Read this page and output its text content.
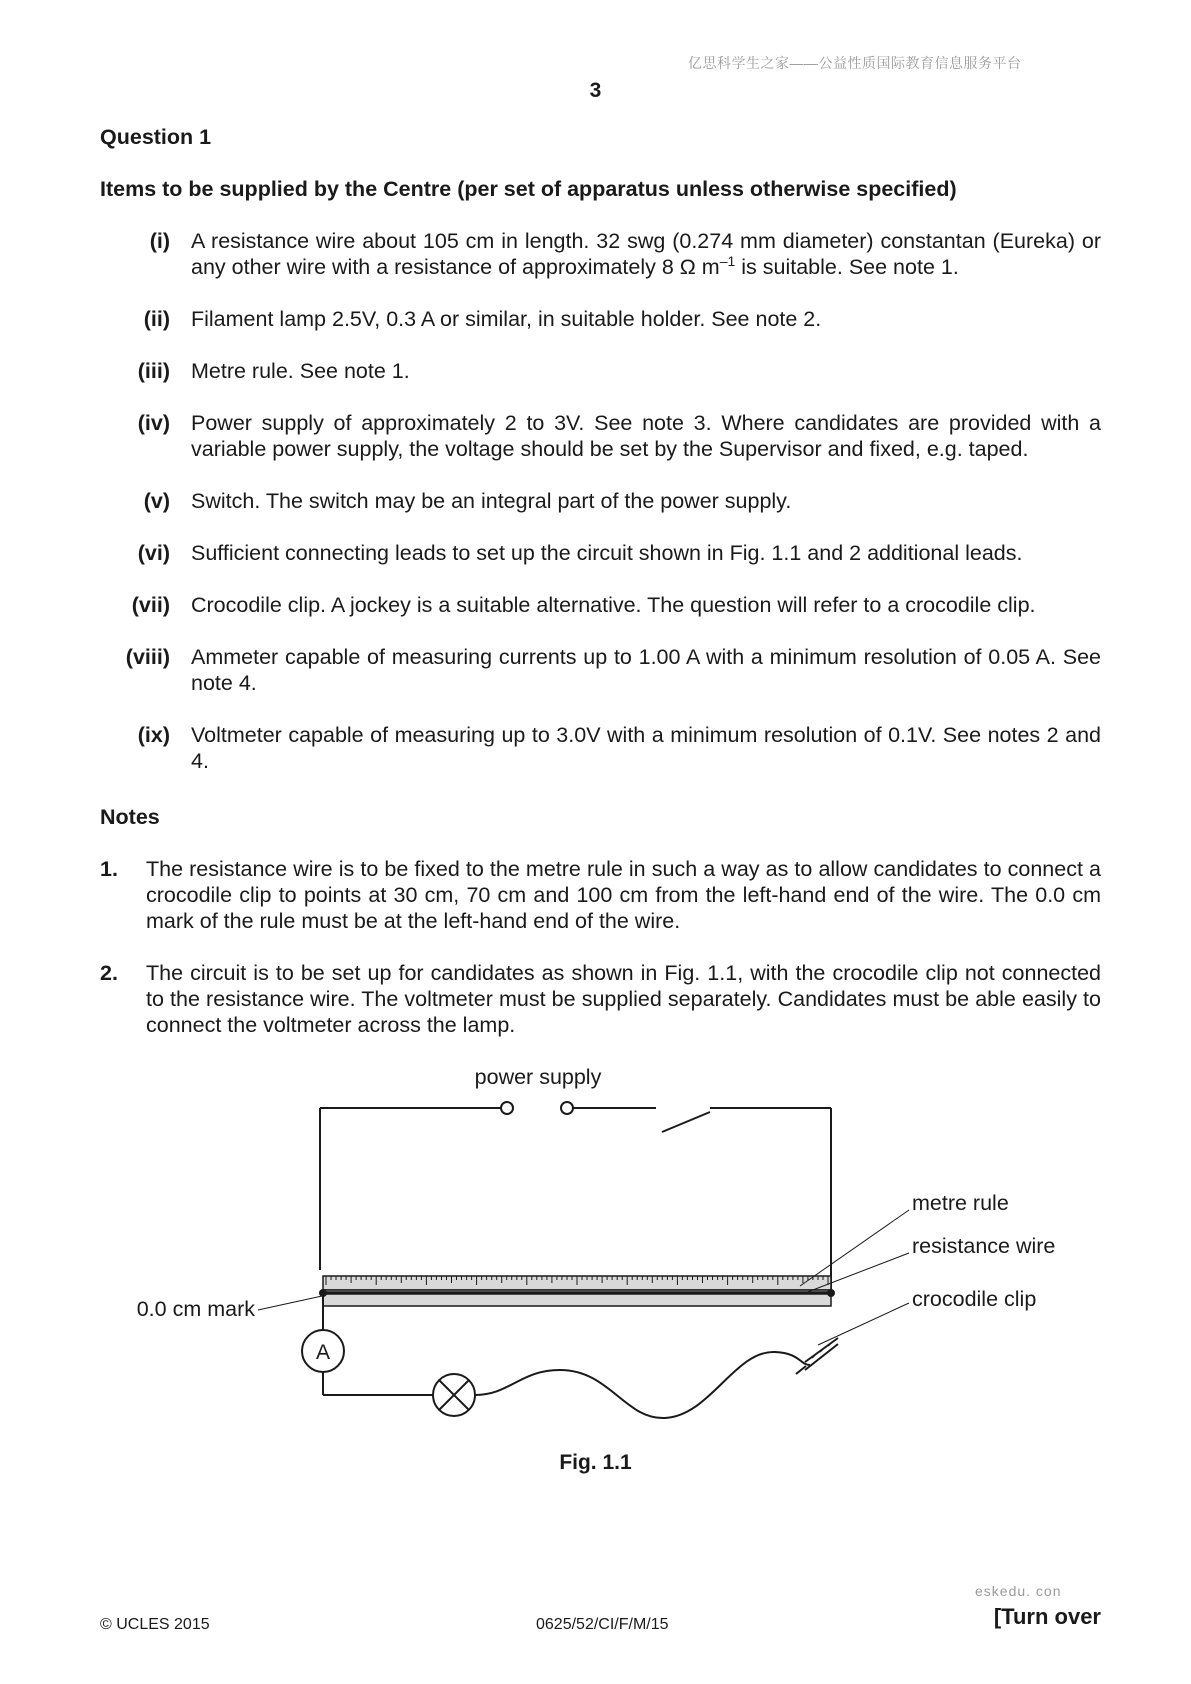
亿思科学生之家——公益性质国际教育信息服务平台
3
Question 1
Items to be supplied by the Centre (per set of apparatus unless otherwise specified)
(i) A resistance wire about 105 cm in length. 32 swg (0.274 mm diameter) constantan (Eureka) or any other wire with a resistance of approximately 8 Ω $m^{-1}$ is suitable. See note 1.
(ii) Filament lamp 2.5V, 0.3 A or similar, in suitable holder. See note 2.
(iii) Metre rule. See note 1.
(iv) Power supply of approximately 2 to 3V. See note 3. Where candidates are provided with a variable power supply, the voltage should be set by the Supervisor and fixed, e.g. taped.
(v) Switch. The switch may be an integral part of the power supply.
(vi) Sufficient connecting leads to set up the circuit shown in Fig. 1.1 and 2 additional leads.
(vii) Crocodile clip. A jockey is a suitable alternative. The question will refer to a crocodile clip.
(viii) Ammeter capable of measuring currents up to 1.00 A with a minimum resolution of 0.05 A. See note 4.
(ix) Voltmeter capable of measuring up to 3.0V with a minimum resolution of 0.1V. See notes 2 and 4.
Notes
1. The resistance wire is to be fixed to the metre rule in such a way as to allow candidates to connect a crocodile clip to points at 30 cm, 70 cm and 100 cm from the left-hand end of the wire. The 0.0 cm mark of the rule must be at the left-hand end of the wire.
2. The circuit is to be set up for candidates as shown in Fig. 1.1, with the crocodile clip not connected to the resistance wire. The voltmeter must be supplied separately. Candidates must be able easily to connect the voltmeter across the lamp.
A
power supply
metre rule
resistance wire
crocodile clip
0.0 cm mark
Fig. 1.1
eskedu. con
© UCLES 2015	0625/52/CI/F/M/15	[Turn over
